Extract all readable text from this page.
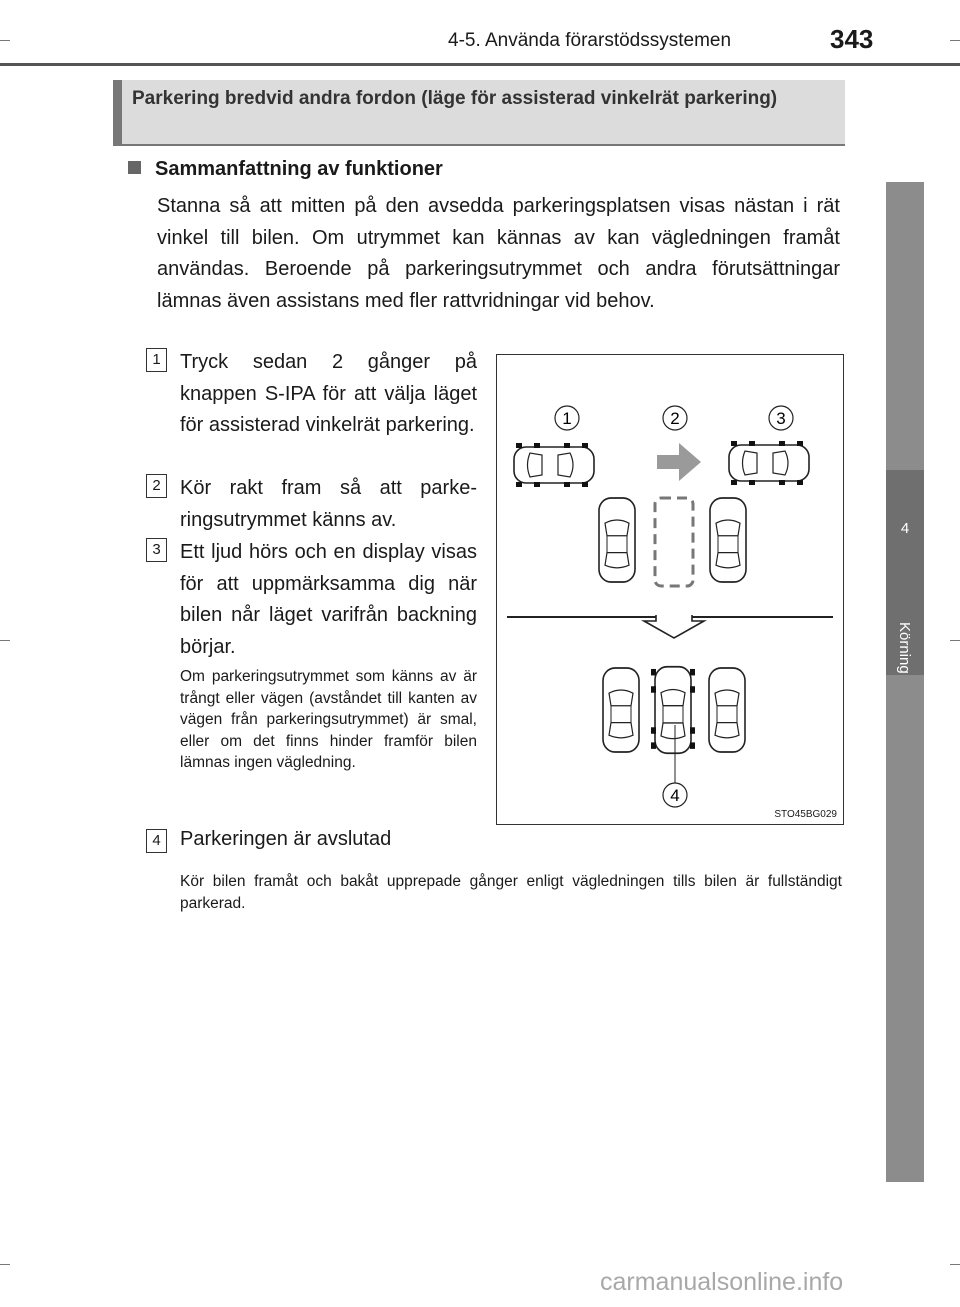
4-5. Använda förarstödssystemen	343
4
Körning
Parkering bredvid andra fordon (läge för assisterad vinkelrät parkering)
Sammanfattning av funktioner

Stanna så att mitten på den avsedda parkeringsplatsen visas nästan i rät vinkel till bilen. Om utrymmet kan kännas av kan vägledningen framåt användas. Beroende på parkeringsutrymmet och andra förutsättningar lämnas även assistans med fler rattvridningar vid behov.

1 Tryck sedan 2 gånger på knappen S-IPA för att välja läget för assisterad vinkelrät parkering.

2 Kör rakt fram så att parke-ringsutrymmet känns av.

3 Ett ljud hörs och en display visas för att uppmärksamma dig när bilen når läget varifrån backning börjar.

Om parkeringsutrymmet som känns av är trångt eller vägen (avståndet till kanten av vägen från parkeringsutrymmet) är smal, eller om det finns hinder framför bilen lämnas ingen vägledning.

4 Parkeringen är avslutad

Kör bilen framåt och bakåt upprepade gånger enligt vägledningen tills bilen är fullständigt parkerad.

1	2	3
4
STO45BG029
carmanualsonline.info
